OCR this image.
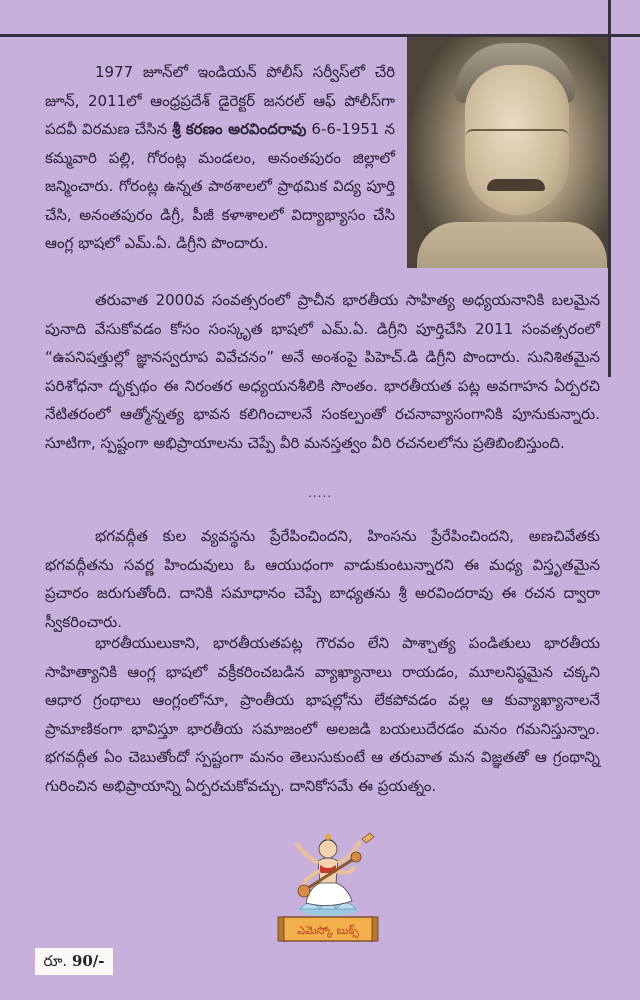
1977 జూన్‌లో ఇండియన్ పోలీస్ సర్వీస్‌లో చేరి జూన్, 2011లో ఆంధ్రప్రదేశ్ డైరెక్టర్ జనరల్ ఆఫ్ పోలీస్‌గా పదవీ విరమణ చేసిన శ్రీ కరణం అరవిందరావు 6-6-1951 న కమ్మవారి పల్లి, గోరంట్ల మండలం, అనంతపురం జిల్లాలో జన్మించారు. గోరంట్ల ఉన్నత పాఠశాలలో ప్రాథమిక విద్య పూర్తి చేసి, అనంతపురం డిగ్రీ, పీజీ కళాశాలలో విద్యాభ్యాసం చేసి ఆంగ్ల భాషలో ఎమ్.ఏ. డిగ్రీని పొందారు.

తరువాత 2000వ సంవత్సరంలో ప్రాచీన భారతీయ సాహిత్య అధ్యయనానికి బలమైన పునాది వేసుకోవడం కోసం సంస్కృత భాషలో ఎమ్.ఏ. డిగ్రీని పూర్తిచేసి 2011 సంవత్సరంలో “ఉపనిషత్తుల్లో జ్ఞానస్వరూప వివేచనం” అనే అంశంపై పిహెచ్.డి డిగ్రీని పొందారు. సునిశితమైన పరిశోధనా దృక్పథం ఈ నిరంతర అధ్యయనశీలికి సొంతం. భారతీయత పట్ల అవగాహన ఏర్పరచి నేటితరంలో ఆత్మోన్నత్య భావన కలిగించాలనే సంకల్పంతో రచనావ్యాసంగానికి పూనుకున్నారు. సూటిగా, స్పష్టంగా అభిప్రాయాలను చెప్పే వీరి మనస్తత్వం వీరి రచనలలోను ప్రతిబింబిస్తుంది.

.....

భగవద్గీత కుల వ్యవస్థను ప్రేరేపించిందని, హింసను ప్రేరేపించిందని, అణచివేతకు భగవద్గీతను సవర్ణ హిందువులు ఓ ఆయుధంగా వాడుకుంటున్నారని ఈ మధ్య విస్తృతమైన ప్రచారం జరుగుతోంది. దానికి సమాధానం చెప్పే బాధ్యతను శ్రీ అరవిందరావు ఈ రచన ద్వారా స్వీకరించారు.

భారతీయులుకాని, భారతీయతపట్ల గౌరవం లేని పాశ్చాత్య పండితులు భారతీయ సాహిత్యానికి ఆంగ్ల భాషలో వక్రీకరించబడిన వ్యాఖ్యానాలు రాయడం, మూలనిష్ఠమైన చక్కని ఆధార గ్రంథాలు ఆంగ్లంలోనూ, ప్రాంతీయ భాషల్లోను లేకపోవడం వల్ల ఆ కువ్యాఖ్యానాలనే ప్రామాణికంగా భావిస్తూ భారతీయ సమాజంలో అలజడి బయలుదేరడం మనం గమనిస్తున్నాం. భగవద్గీత ఏం చెబుతోందో స్పష్టంగా మనం తెలుసుకుంటే ఆ తరువాత మన విజ్ఞతతో ఆ గ్రంథాన్ని గురించిన అభిప్రాయాన్ని ఏర్పరచుకోవచ్చు. దానికోసమే ఈ ప్రయత్నం.

ఎమెస్కో బుక్స్
రూ. 90/-
